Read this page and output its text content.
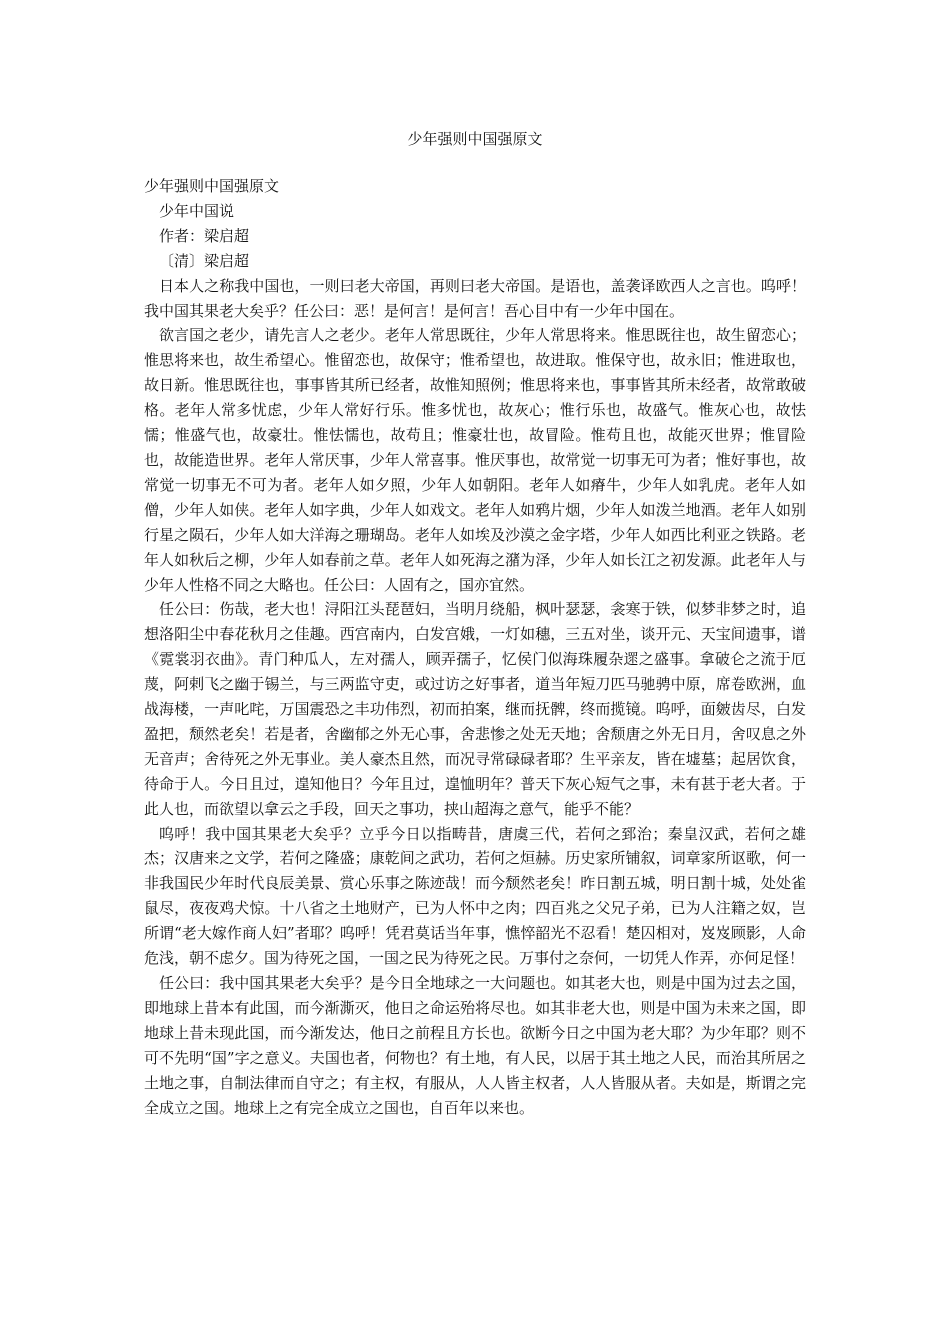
少年强则中国强原文

少年强则中国强原文

少年中国说

作者：梁启超

〔清〕梁启超

日本人之称我中国也，一则曰老大帝国，再则曰老大帝国。是语也，盖袭译欧西人之言也。呜呼！我中国其果老大矣乎？任公曰：恶！是何言！是何言！吾心目中有一少年中国在。

欲言国之老少，请先言人之老少。老年人常思既往，少年人常思将来。惟思既往也，故生留恋心；惟思将来也，故生希望心。惟留恋也，故保守；惟希望也，故进取。惟保守也，故永旧；惟进取也，故日新。惟思既往也，事事皆其所已经者，故惟知照例；惟思将来也，事事皆其所未经者，故常敢破格。老年人常多忧虑，少年人常好行乐。惟多忧也，故灰心；惟行乐也，故盛气。惟灰心也，故怯懦；惟盛气也，故豪壮。惟怯懦也，故苟且；惟豪壮也，故冒险。惟苟且也，故能灭世界；惟冒险也，故能造世界。老年人常厌事，少年人常喜事。惟厌事也，故常觉一切事无可为者；惟好事也，故常觉一切事无不可为者。老年人如夕照，少年人如朝阳。老年人如瘠牛，少年人如乳虎。老年人如僧，少年人如侠。老年人如字典，少年人如戏文。老年人如鸦片烟，少年人如泼兰地酒。老年人如别行星之陨石，少年人如大洋海之珊瑚岛。老年人如埃及沙漠之金字塔，少年人如西比利亚之铁路。老年人如秋后之柳，少年人如春前之草。老年人如死海之潴为泽，少年人如长江之初发源。此老年人与少年人性格不同之大略也。任公曰：人固有之，国亦宜然。

任公曰：伤哉，老大也！浔阳江头琵琶妇，当明月绕船，枫叶瑟瑟，衾寒于铁，似梦非梦之时，追想洛阳尘中春花秋月之佳趣。西宫南内，白发宫娥，一灯如穗，三五对坐，谈开元、天宝间遗事，谱《霓裳羽衣曲》。青门种瓜人，左对孺人，顾弄孺子，忆侯门似海珠履杂遝之盛事。拿破仑之流于厄蔑，阿剌飞之幽于锡兰，与三两监守吏，或过访之好事者，道当年短刀匹马驰骋中原，席卷欧洲，血战海楼，一声叱咤，万国震恐之丰功伟烈，初而拍案，继而抚髀，终而揽镜。呜呼，面皴齿尽，白发盈把，颓然老矣！若是者，舍幽郁之外无心事，舍悲惨之处无天地；舍颓唐之外无日月，舍叹息之外无音声；舍待死之外无事业。美人豪杰且然，而况寻常碌碌者耶？生平亲友，皆在墟墓；起居饮食，待命于人。今日且过，遑知他日？今年且过，遑恤明年？普天下灰心短气之事，未有甚于老大者。于此人也，而欲望以拿云之手段，回天之事功，挟山超海之意气，能乎不能？

呜呼！我中国其果老大矣乎？立乎今日以指畴昔，唐虞三代，若何之郅治；秦皇汉武，若何之雄杰；汉唐来之文学，若何之隆盛；康乾间之武功，若何之烜赫。历史家所铺叙，词章家所讴歌，何一非我国民少年时代良辰美景、赏心乐事之陈迹哉！而今颓然老矣！昨日割五城，明日割十城，处处雀鼠尽，夜夜鸡犬惊。十八省之土地财产，已为人怀中之肉；四百兆之父兄子弟，已为人注籍之奴，岂所谓“老大嫁作商人妇”者耶？呜呼！凭君莫话当年事，憔悴韶光不忍看！楚囚相对，岌岌顾影，人命危浅，朝不虑夕。国为待死之国，一国之民为待死之民。万事付之奈何，一切凭人作弄，亦何足怪！

任公曰：我中国其果老大矣乎？是今日全地球之一大问题也。如其老大也，则是中国为过去之国，即地球上昔本有此国，而今渐澌灭，他日之命运殆将尽也。如其非老大也，则是中国为未来之国，即地球上昔未现此国，而今渐发达，他日之前程且方长也。欲断今日之中国为老大耶？为少年耶？则不可不先明“国”字之意义。夫国也者，何物也？有土地，有人民，以居于其土地之人民，而治其所居之土地之事，自制法律而自守之；有主权，有服从，人人皆主权者，人人皆服从者。夫如是，斯谓之完全成立之国。地球上之有完全成立之国也，自百年以来也。
